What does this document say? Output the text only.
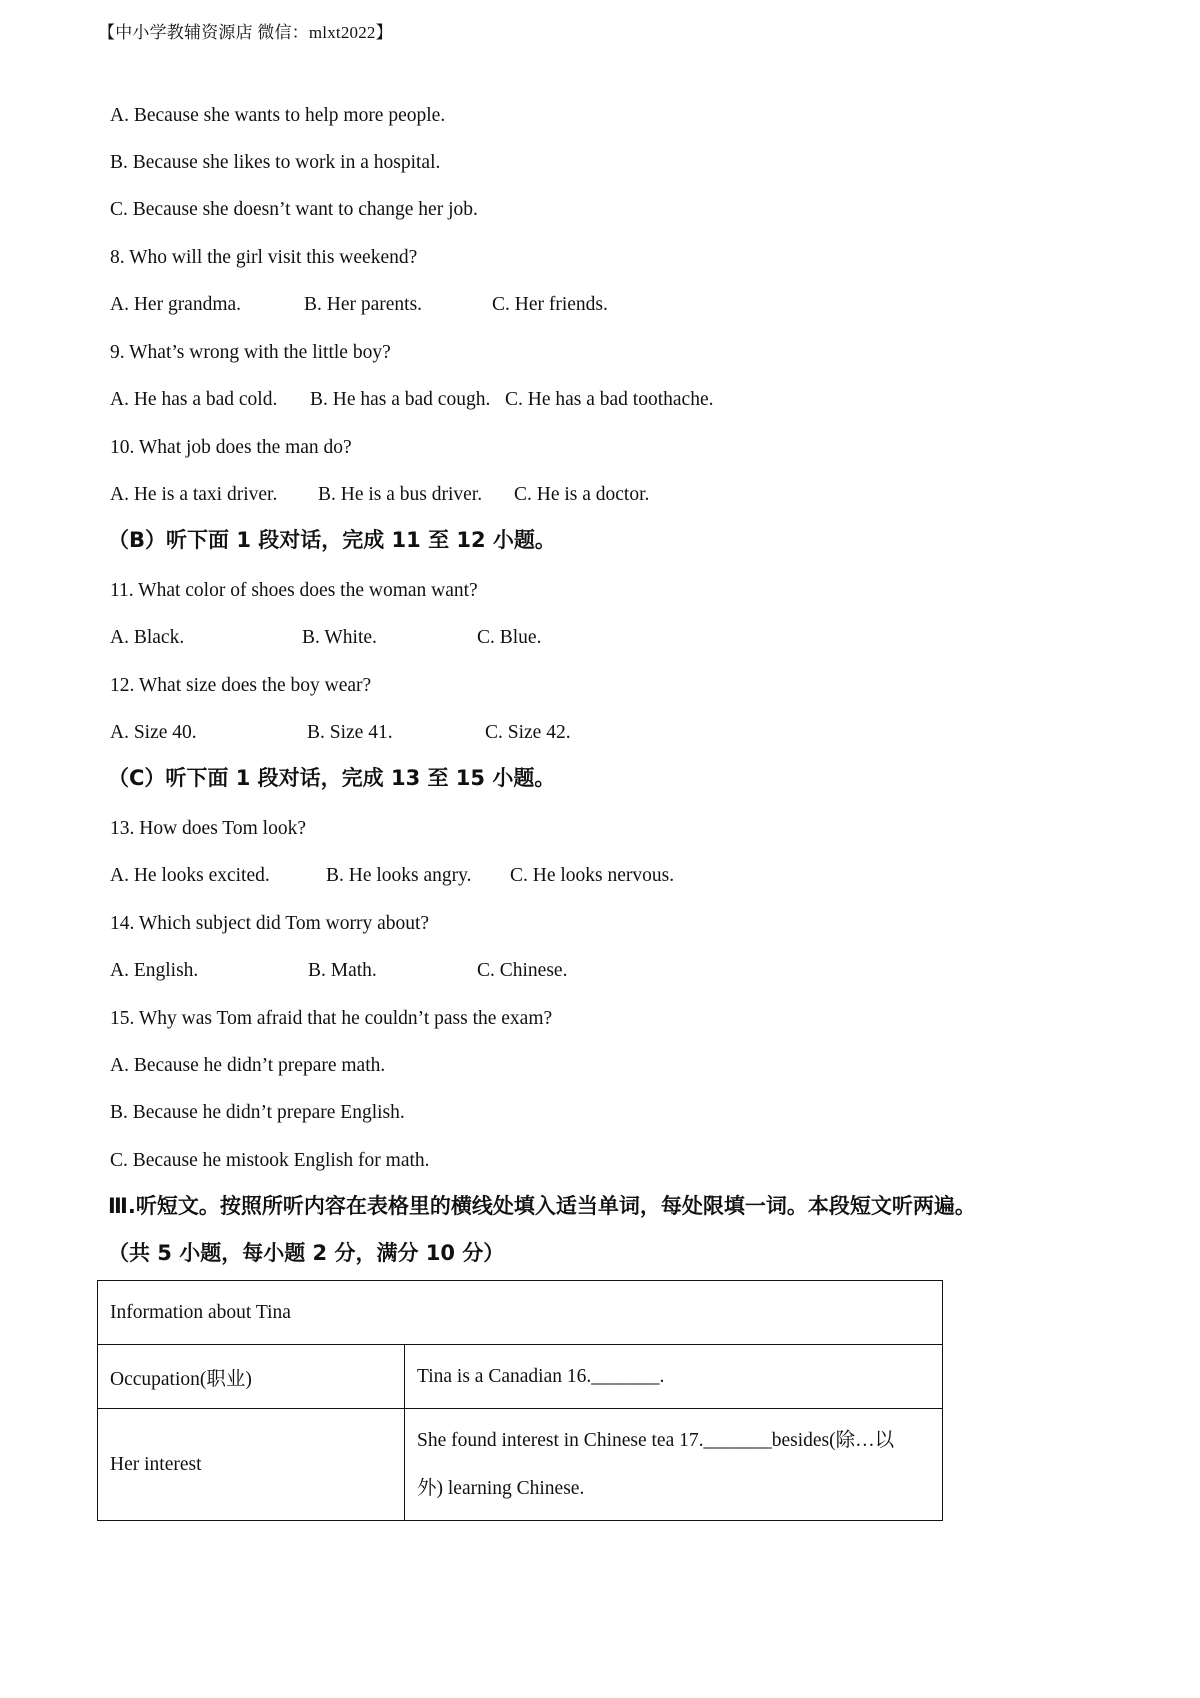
【中小学教辅资源店 微信：mlxt2022】
A. Because she wants to help more people.
B. Because she likes to work in a hospital.
C. Because she doesn’t want to change her job.
8. Who will the girl visit this weekend?

A. Her grandma.

	B. Her parents.

	C. Her friends.

9. What’s wrong with the little boy?

A. He has a bad cold.

B. He has a bad cough.

C. He has a bad toothache.

10. What job does the man do?

A. He is a taxi driver.

B. He is a bus driver.

C. He is a doctor.

（B）听下面 1 段对话，完成 11 至 12 小题。
11. What color of shoes does the woman want?

A. Black.

	B. White.

	C. Blue.

12. What size does the boy wear?

A. Size 40.

	B. Size 41.

	C. Size 42.

（C）听下面 1 段对话，完成 13 至 15 小题。
13. How does Tom look?

A. He looks excited.

	B. He looks angry.

C. He looks nervous.

14. Which subject did Tom worry about?

A. English.

	B. Math.

	C. Chinese.

15. Why was Tom afraid that he couldn’t pass the exam?
A. Because he didn’t prepare math.
B. Because he didn’t prepare English.
C. Because he mistook English for math.
Ⅲ.听短文。按照所听内容在表格里的横线处填入适当单词，每处限填一词。本段短文听两遍。
（共 5 小题，每小题 2 分，满分 10 分）
Information about Tina	
Occupation(职业)	Tina is a Canadian 16._______.
Her interest	She found interest in Chinese tea 17._______besides(除…以
外) learning Chinese.
